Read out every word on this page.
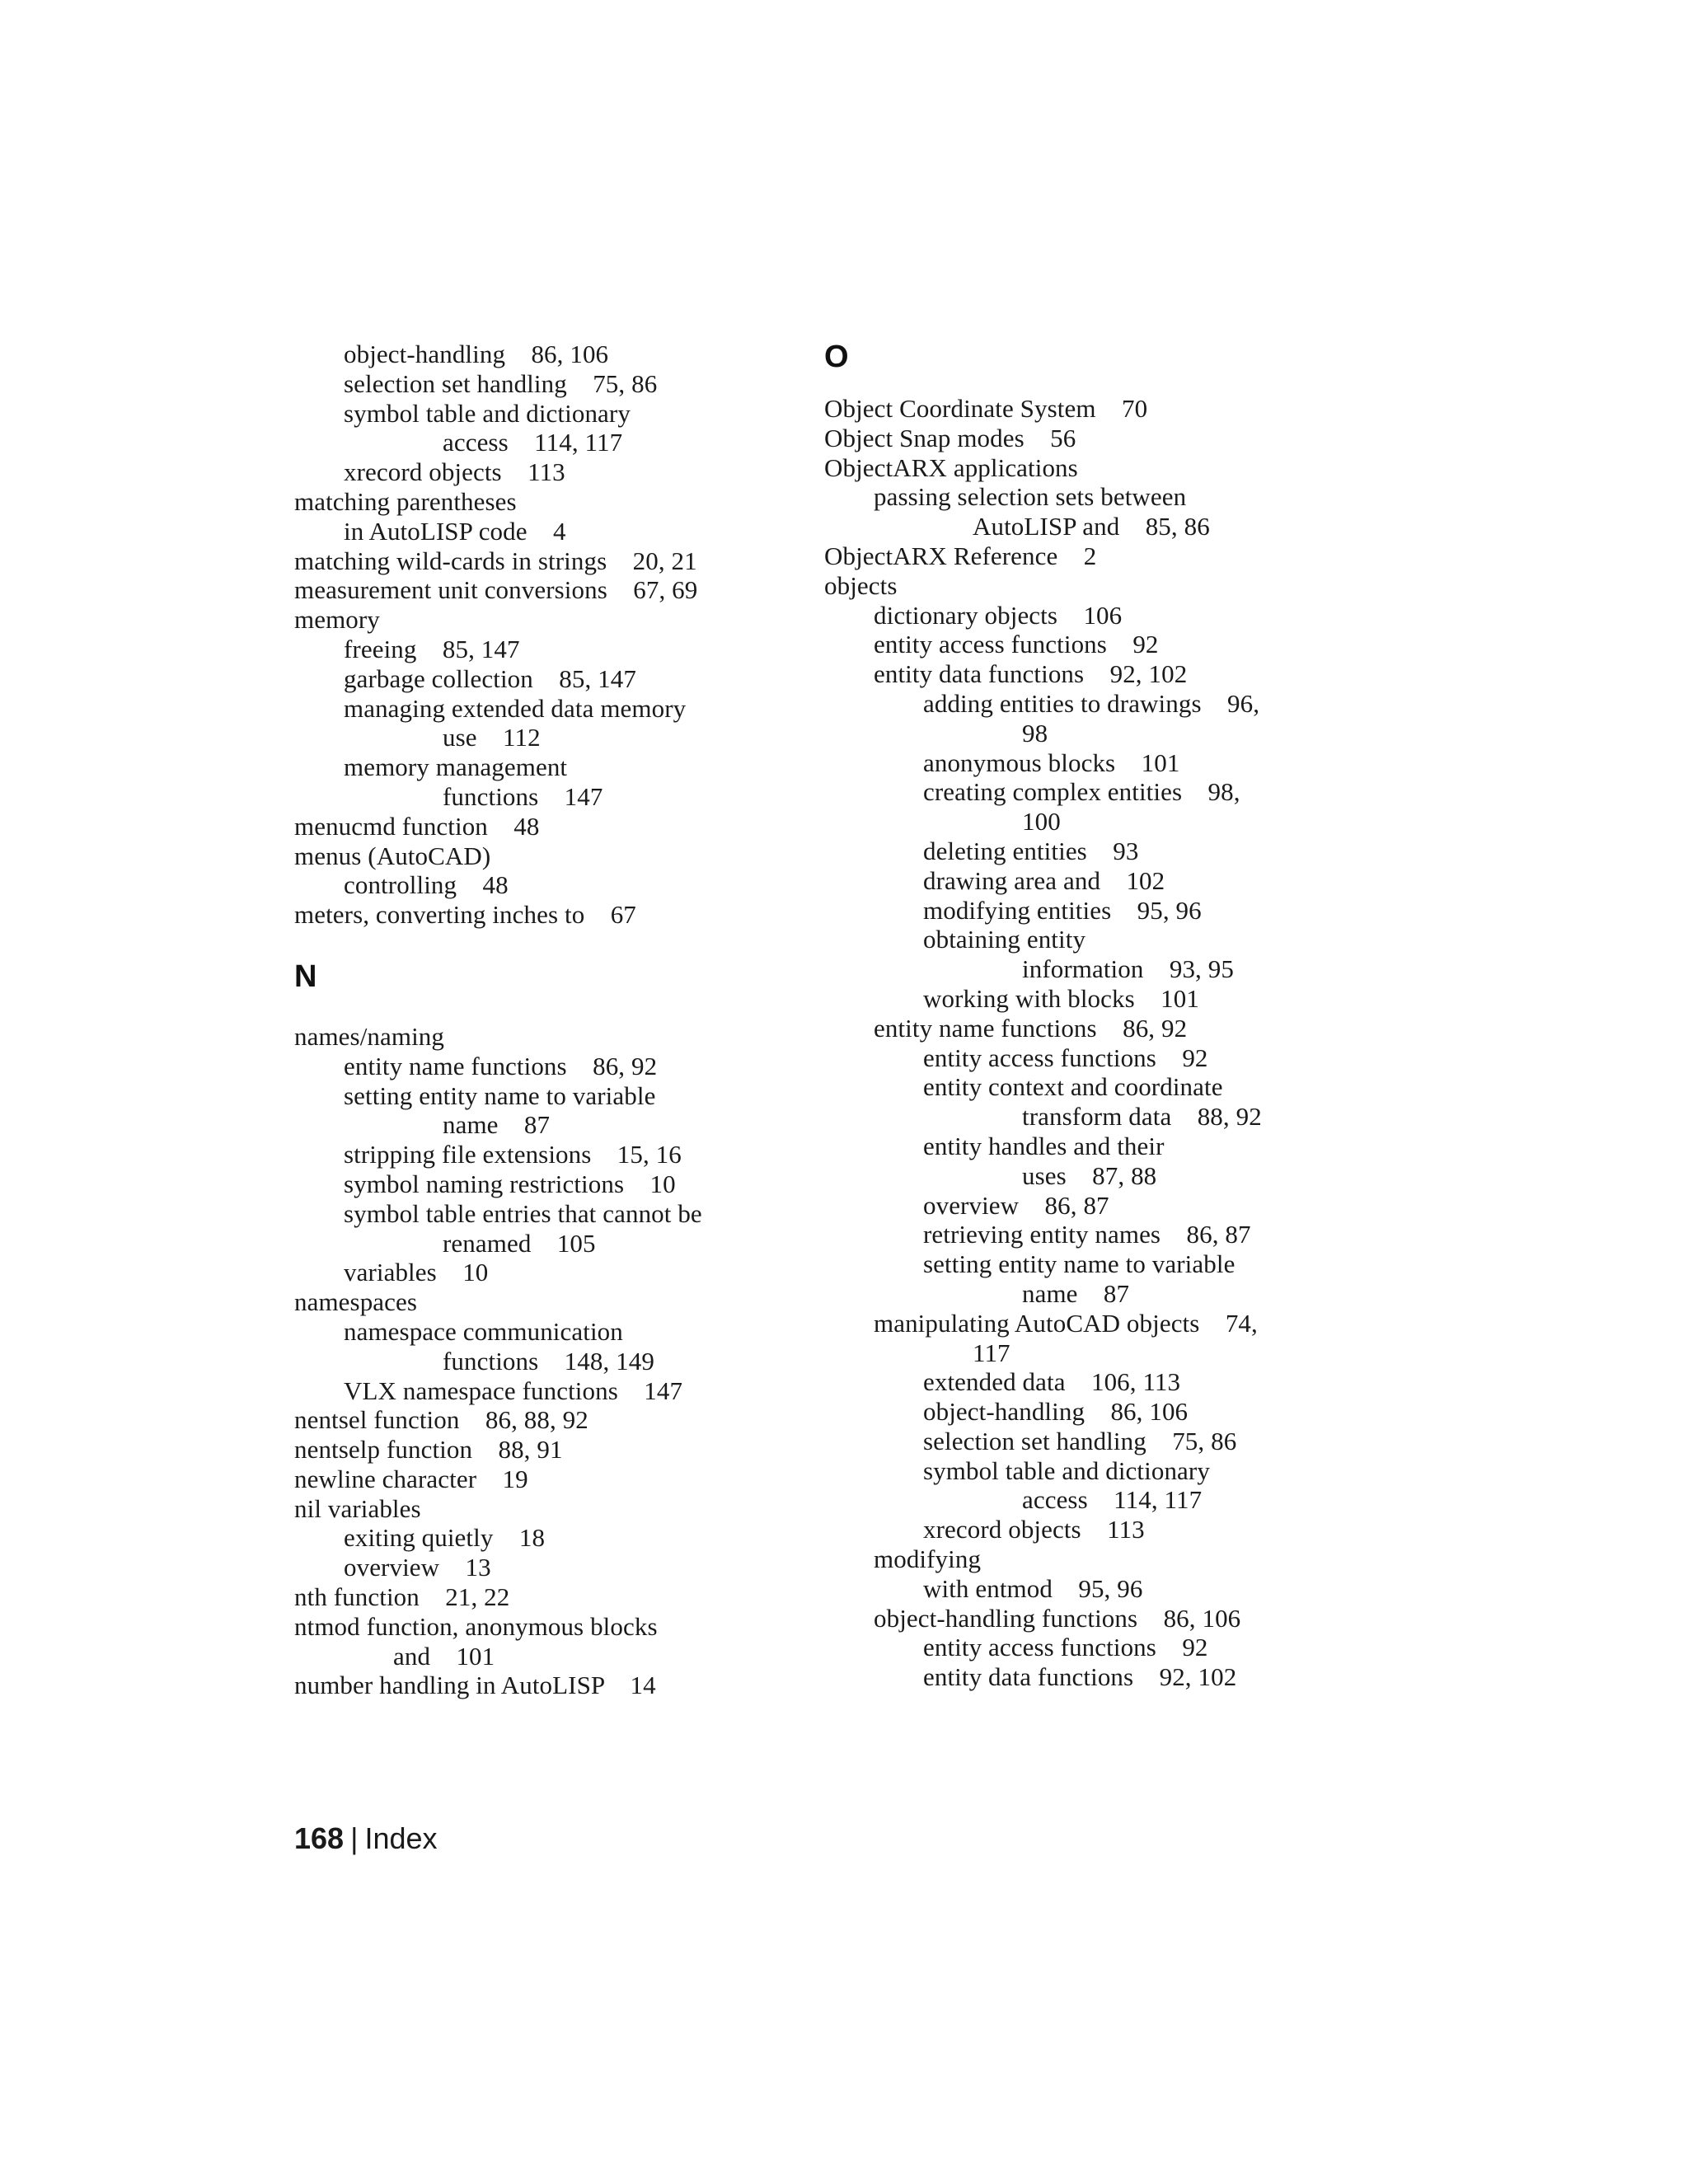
object-handling    86, 106
selection set handling    75, 86
symbol table and dictionary
access    114, 117
xrecord objects    113
matching parentheses
in AutoLISP code    4
matching wild-cards in strings    20, 21
measurement unit conversions    67, 69
memory
freeing    85, 147
garbage collection    85, 147
managing extended data memory
use    112
memory management
functions    147
menucmd function    48
menus (AutoCAD)
controlling    48
meters, converting inches to    67
N
names/naming
entity name functions    86, 92
setting entity name to variable
name    87
stripping file extensions    15, 16
symbol naming restrictions    10
symbol table entries that cannot be
renamed    105
variables    10
namespaces
namespace communication
functions    148, 149
VLX namespace functions    147
nentsel function    86, 88, 92
nentselp function    88, 91
newline character    19
nil variables
exiting quietly    18
overview    13
nth function    21, 22
ntmod function, anonymous blocks
and    101
number handling in AutoLISP    14
O
Object Coordinate System    70
Object Snap modes    56
ObjectARX applications
passing selection sets between
AutoLISP and    85, 86
ObjectARX Reference    2
objects
dictionary objects    106
entity access functions    92
entity data functions    92, 102
adding entities to drawings    96,
98
anonymous blocks    101
creating complex entities    98,
100
deleting entities    93
drawing area and    102
modifying entities    95, 96
obtaining entity
information    93, 95
working with blocks    101
entity name functions    86, 92
entity access functions    92
entity context and coordinate
transform data    88, 92
entity handles and their
uses    87, 88
overview    86, 87
retrieving entity names    86, 87
setting entity name to variable
name    87
manipulating AutoCAD objects    74,
117
extended data    106, 113
object-handling    86, 106
selection set handling    75, 86
symbol table and dictionary
access    114, 117
xrecord objects    113
modifying
with entmod    95, 96
object-handling functions    86, 106
entity access functions    92
entity data functions    92, 102
168 | Index
